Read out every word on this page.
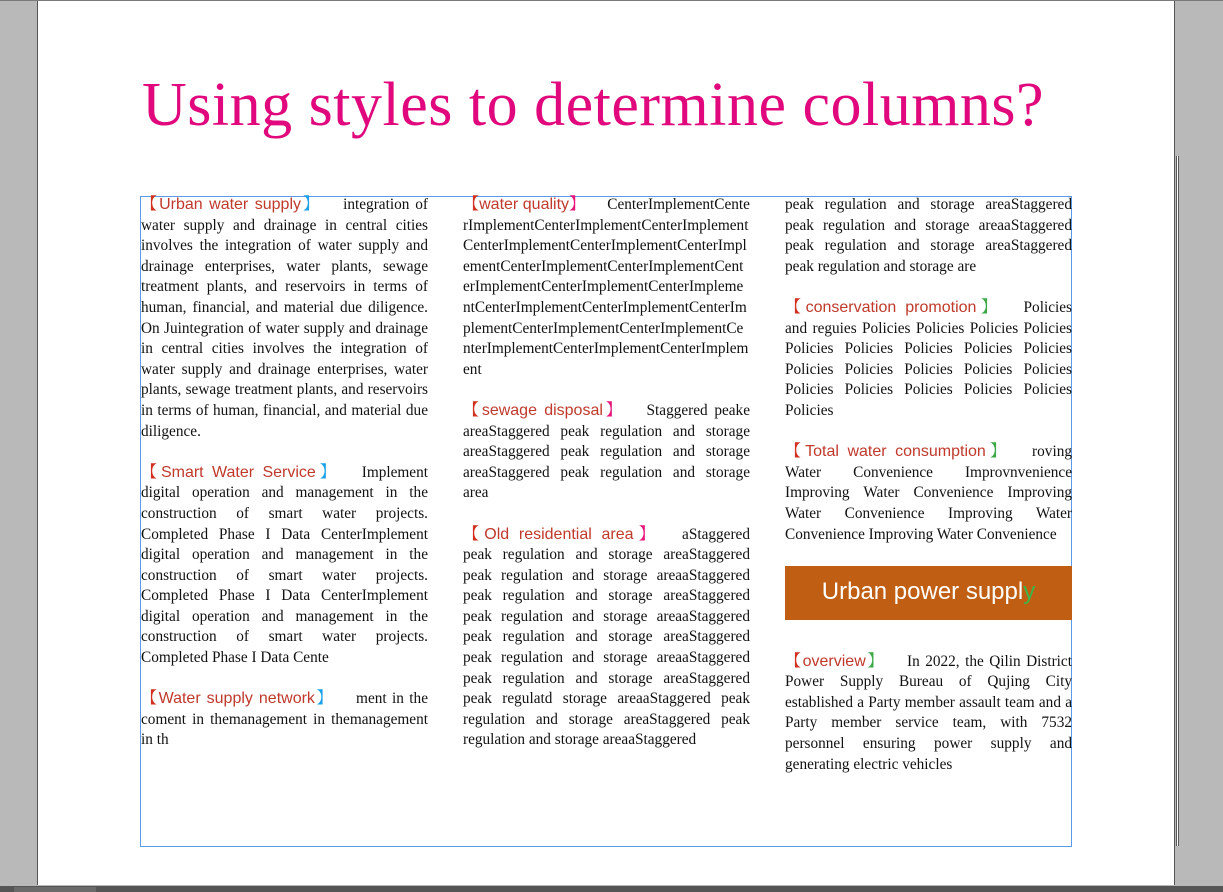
Using styles to determine columns?
【Urban water supply】 integration of water supply and drainage in central cities involves the integration of water supply and drainage enterprises, water plants, sewage treatment plants, and reservoirs in terms of human, financial, and material due diligence. On Juintegration of water supply and drainage in central cities involves the integration of water supply and drainage enterprises, water plants, sewage treatment plants, and reservoirs in terms of human, financial, and material due diligence.
【Smart Water Service】 Implement digital operation and management in the construction of smart water projects. Completed Phase I Data CenterImplement digital operation and management in the construction of smart water projects. Completed Phase I Data CenterImplement digital operation and management in the construction of smart water projects. Completed Phase I Data Cente
【Water supply network】 ment in the coment in themanagement in themanagement in th
【water quality】 CenterImplementCenterImplementCenterImplementCenterImplementCenterImplementCenterImplementCenterImplementCenterImplementCenterImplementCenterImplementCenterImplementCenterImplementCenterImplementCenterImplementCenterImplementCenterImplementCenterImplementCenterImplementCenterImplementCenterImplement
【sewage disposal】 Staggered peake areaStaggered peak regulation and storage areaStaggered peak regulation and storage areaStaggered peak regulation and storage area
【Old residential area】 aStaggered peak regulation and storage areaStaggered peak regulation and storage areaaStaggered peak regulation and storage areaStaggered peak regulation and storage areaaStaggered peak regulation and storage areaStaggered peak regulation and storage areaaStaggered peak regulation and storage areaStaggered peak regulatd storage areaaStaggered peak regulation and storage areaStaggered peak regulation and storage areaaStaggered
peak regulation and storage areaStaggered peak regulation and storage areaaStaggered peak regulation and storage areaStaggered peak regulation and storage are
【conservation promotion】 Policies and reguies Policies Policies Policies Policies Policies Policies Policies Policies Policies Policies Policies Policies Policies Policies Policies Policies Policies Policies Policies Policies
【Total water consumption】 roving Water Convenience Improvnvenience Improving Water Convenience Improving Water Convenience Improving Water Convenience Improving Water Convenience
Urban power suppl y
【overview】 In 2022, the Qilin District Power Supply Bureau of Qujing City established a Party member assault team and a Party member service team, with 7532 personnel ensuring power supply and generating electric vehicles
